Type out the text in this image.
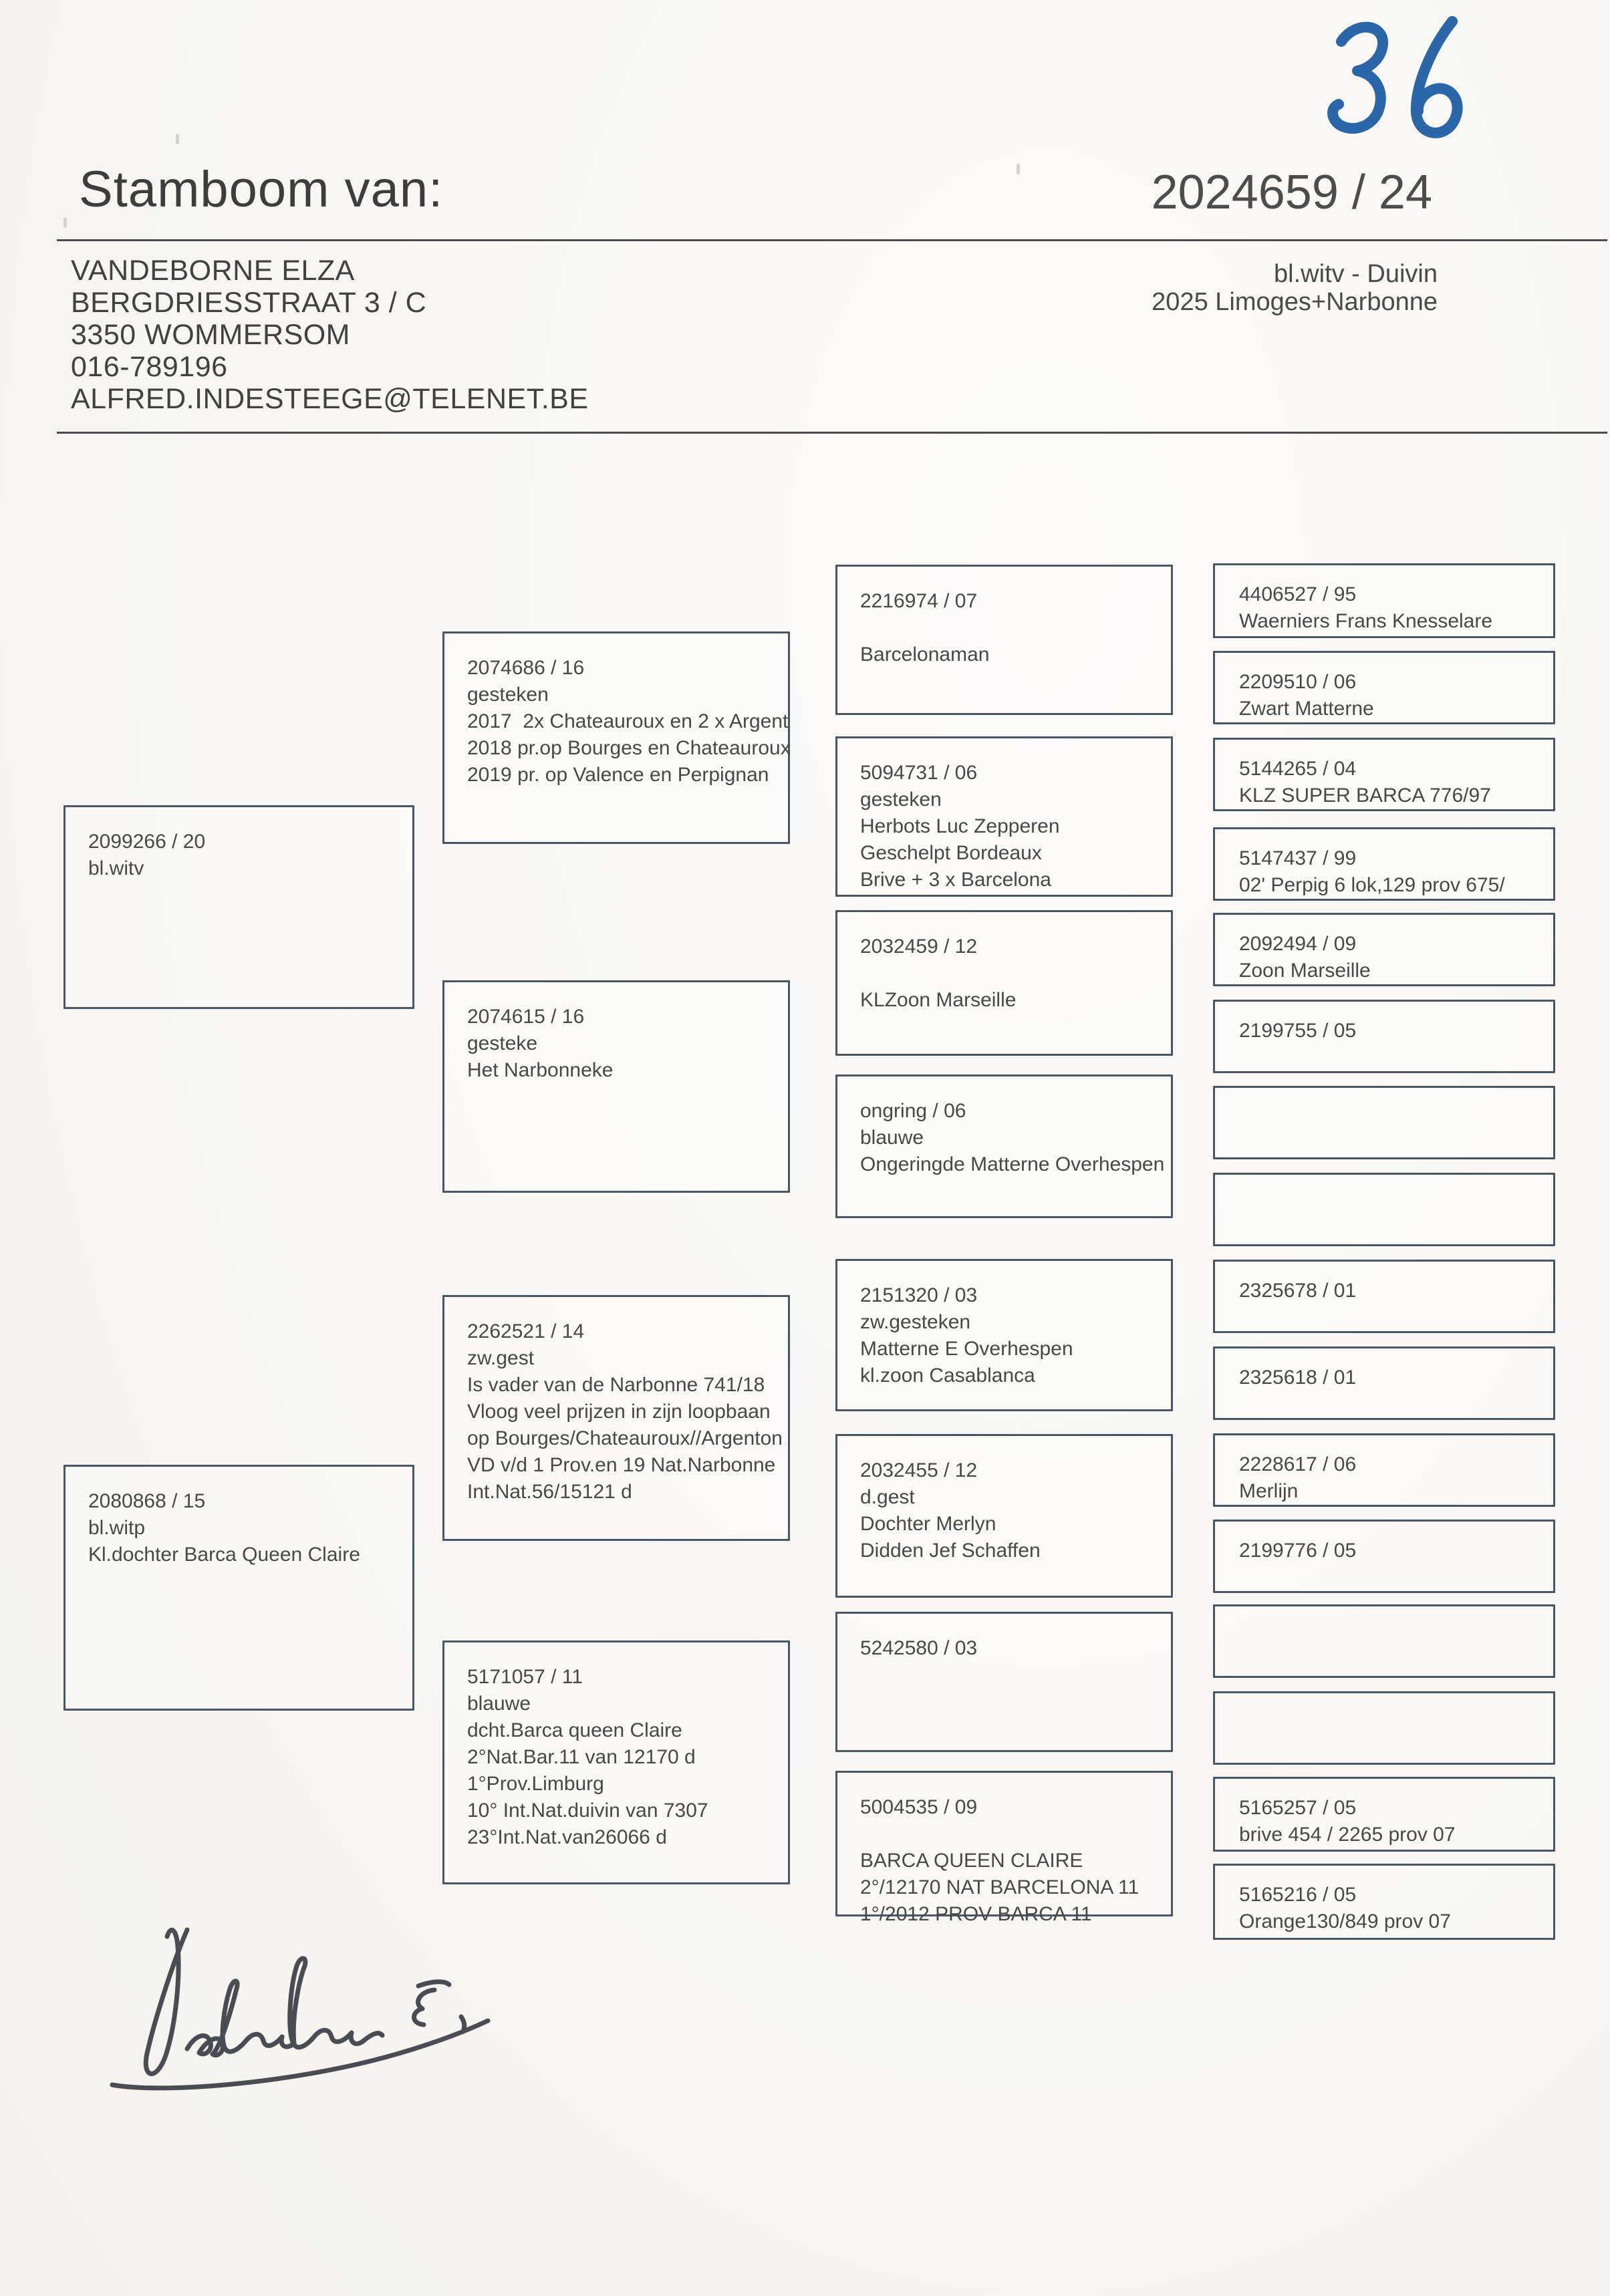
Stamboom van:	2024659 / 24
VANDEBORNE ELZA
BERGDRIESSTRAAT 3 / C
3350 WOMMERSOM
016-789196
ALFRED.INDESTEEGE@TELENET.BE
bl.witv - Duivin
2025 Limoges+Narbonne
2099266 / 20
bl.witv
2080868 / 15
bl.witp
Kl.dochter Barca Queen Claire
2074686 / 16
gesteken
2017  2x Chateauroux en 2 x Argent
2018 pr.op Bourges en Chateauroux
2019 pr. op Valence en Perpignan
2074615 / 16
gesteke
Het Narbonneke
2262521 / 14
zw.gest
Is vader van de Narbonne 741/18
Vloog veel prijzen in zijn loopbaan
op Bourges/Chateauroux//Argenton
VD v/d 1 Prov.en 19 Nat.Narbonne
Int.Nat.56/15121 d
5171057 / 11
blauwe
dcht.Barca queen Claire
2°Nat.Bar.11 van 12170 d
1°Prov.Limburg
10° Int.Nat.duivin van 7307
23°Int.Nat.van26066 d
2216974 / 07

Barcelonaman
5094731 / 06
gesteken
Herbots Luc Zepperen
Geschelpt Bordeaux
Brive + 3 x Barcelona
2032459 / 12

KLZoon Marseille
ongring / 06
blauwe
Ongeringde Matterne Overhespen
2151320 / 03
zw.gesteken
Matterne E Overhespen
kl.zoon Casablanca
2032455 / 12
d.gest
Dochter Merlyn
Didden Jef Schaffen
5242580 / 03
5004535 / 09

BARCA QUEEN CLAIRE
2°/12170 NAT BARCELONA 11
1°/2012 PROV BARCA 11
4406527 / 95
Waerniers Frans Knesselare
2209510 / 06
Zwart Matterne
5144265 / 04
KLZ SUPER BARCA 776/97
5147437 / 99
02' Perpig 6 lok,129 prov 675/
2092494 / 09
Zoon Marseille
2199755 / 05
2325678 / 01
2325618 / 01
2228617 / 06
Merlijn
2199776 / 05
5165257 / 05
brive 454 / 2265 prov 07
5165216 / 05
Orange130/849 prov 07
